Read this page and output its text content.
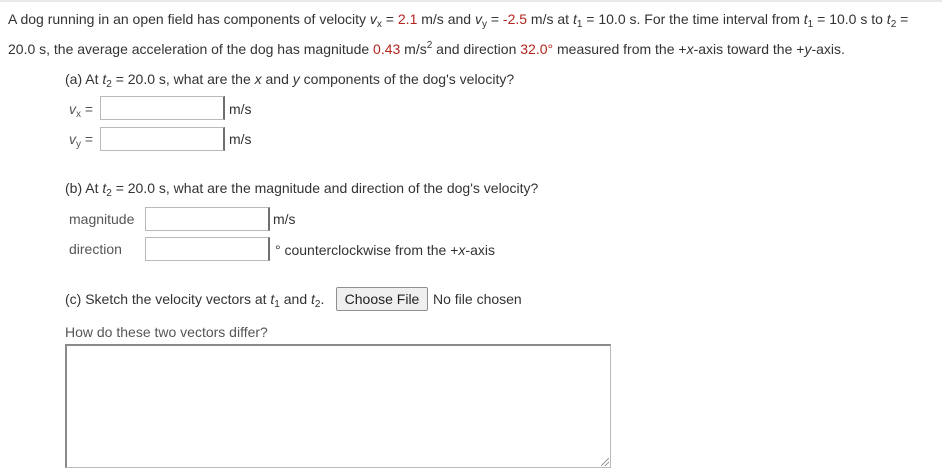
A dog running in an open field has components of velocity $v_x = 2.1$ m/s and $v_y = -2.5$ m/s at $t_1 = 10.0$ s. For the time interval from $t_1 = 10.0$ s to $t_2$ =
20.0 s, the average acceleration of the dog has magnitude 0.43 $m/s^2$ and direction 32.0° measured from the +x-axis toward the +y-axis.
(a) At $t_2 = 20.0$ s, what are the x and y components of the dog's velocity?
$v_x$ =	m/s
$v_y$ =	m/s
(b) At $t_2 = 20.0$ s, what are the magnitude and direction of the dog's velocity?
magnitude	m/s
direction	° counterclockwise from the +x-axis
(c) Sketch the velocity vectors at $t_1$ and $t_2$.	Choose File No file chosen
How do these two vectors differ?
